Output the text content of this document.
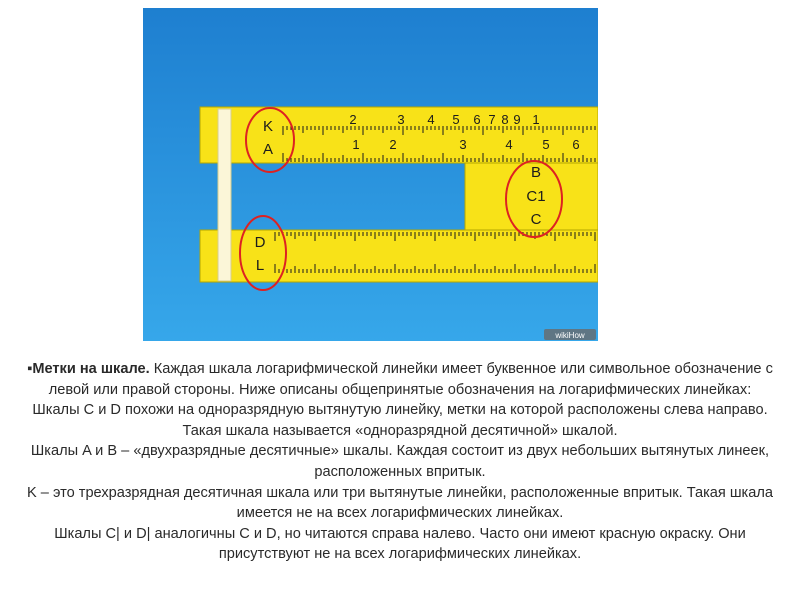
2	3 4 5 6 7 8 9 1
1 2	3	4 5 6
K
A
B
C1
C
D
L
wikiHow

▪Метки на шкале. Каждая шкала логарифмической линейки имеет буквенное или символьное обозначение с
левой или правой стороны. Ниже описаны общепринятые обозначения на логарифмических линейках:
Шкалы C и D похожи на одноразрядную вытянутую линейку, метки на которой расположены слева направо.
Такая шкала называется «одноразрядной десятичной» шкалой.
Шкалы A и B – «двухразрядные десятичные» шкалы. Каждая состоит из двух небольших вытянутых линеек,
расположенных впритык.
K – это трехразрядная десятичная шкала или три вытянутые линейки, расположенные впритык. Такая шкала
имеется не на всех логарифмических линейках.
Шкалы C| и D| аналогичны C и D, но читаются справа налево. Часто они имеют красную окраску. Они
присутствуют не на всех логарифмических линейках.
